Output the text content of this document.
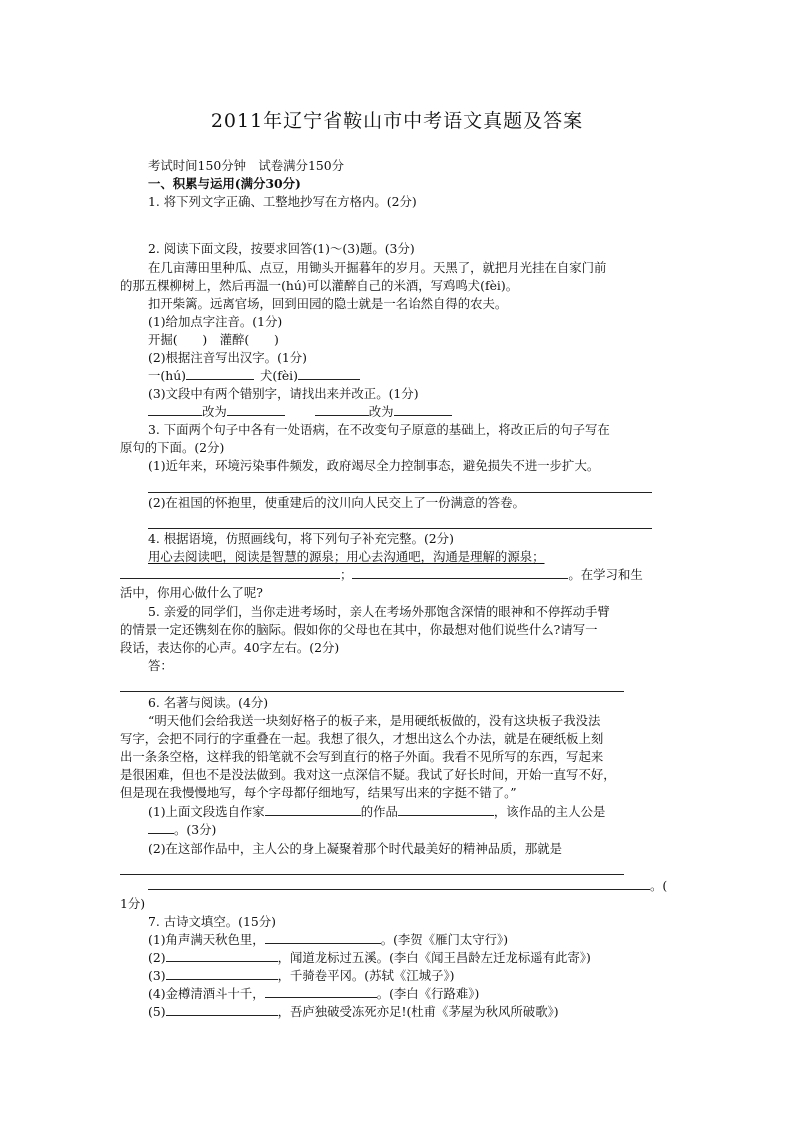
2011年辽宁省鞍山市中考语文真题及答案
考试时间150分钟　试卷满分150分
一、积累与运用(满分30分)
1. 将下列文字正确、工整地抄写在方格内。(2分)
2. 阅读下面文段，按要求回答(1)～(3)题。(3分)
在几亩薄田里种瓜、点豆，用锄头开掘暮年的岁月。天黑了，就把月光挂在自家门前
的那五棵柳树上，然后再温一(hú)可以灌醉自己的米酒，写鸡鸣犬(fèi)。
扣开柴篱。远离官场，回到田园的隐士就是一名诒然自得的农夫。
(1)给加点字注音。(1分)
开掘(　　)　灌醉(　　)
(2)根据注音写出汉字。(1分)
一(hú)	犬(fèi)
(3)文段中有两个错别字，请找出来并改正。(1分)
改为	改为
3. 下面两个句子中各有一处语病，在不改变句子原意的基础上，将改正后的句子写在
原句的下面。(2分)
(1)近年来，环境污染事件频发，政府竭尽全力控制事态，避免损失不进一步扩大。
(2)在祖国的怀抱里，使重建后的汶川向人民交上了一份满意的答卷。
4. 根据语境，仿照画线句，将下列句子补充完整。(2分)
用心去阅读吧，阅读是智慧的源泉；用心去沟通吧，沟通是理解的源泉；
；	。在学习和生
活中，你用心做什么了呢?
5. 亲爱的同学们，当你走进考场时，亲人在考场外那饱含深情的眼神和不停挥动手臂
的情景一定还镌刻在你的脑际。假如你的父母也在其中，你最想对他们说些什么?请写一
段话，表达你的心声。40字左右。(2分)
答：
6. 名著与阅读。(4分)
“明天他们会给我送一块刻好格子的板子来，是用硬纸板做的，没有这块板子我没法
写字，会把不同行的字重叠在一起。我想了很久，才想出这么个办法，就是在硬纸板上刻
出一条条空格，这样我的铅笔就不会写到直行的格子外面。我看不见所写的东西，写起来
是很困难，但也不是没法做到。我对这一点深信不疑。我试了好长时间，开始一直写不好，
但是现在我慢慢地写，每个字母都仔细地写，结果写出来的字挺不错了。”
(1)上面文段选自作家	的作品	，该作品的主人公是
。(3分)
(2)在这部作品中，主人公的身上凝聚着那个时代最美好的精神品质，那就是
。(
1分)
7. 古诗文填空。(15分)
(1)角声满天秋色里，	。(李贺《雁门太守行》)
(2)	，闻道龙标过五溪。(李白《闻王昌龄左迁龙标遥有此寄》)
(3)	，千骑卷平冈。(苏轼《江城子》)
(4)金樽清酒斗十千，	。(李白《行路难》)
(5)	，吾庐独破受冻死亦足!(杜甫《茅屋为秋风所破歌》)
